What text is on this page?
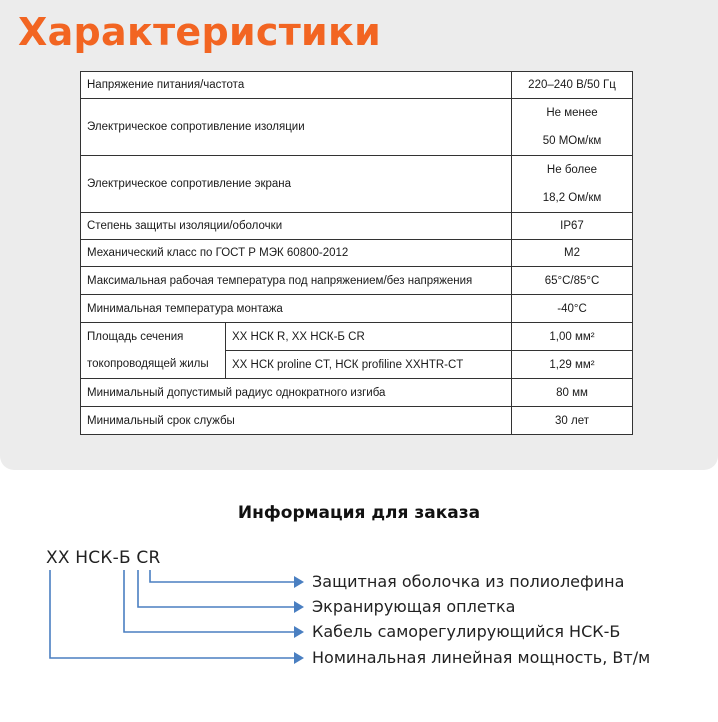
Характеристики
Напряжение питания/частота		220–240 В/50 Гц
Электрическое сопротивление изоляции		Не менее
50 МОм/км

Электрическое сопротивление экрана		Не более
18,2 Ом/км

Степень защиты изоляции/оболочки		IP67
Механический класс по ГОСТ Р МЭК 60800-2012		М2
Максимальная рабочая температура под напряжением/без напряжения		65°C/85°C
Минимальная температура монтажа		-40°C
Площадь сечения	ХХ НСК R, ХХ НСК-Б CR	1,00 мм²
токопроводящей жилы	ХХ НСК proline CT, НСК profiline XXHTR-CT	1,29 мм²
Минимальный допустимый радиус однократного изгиба		80 мм
Минимальный срок службы		30 лет
Информация для заказа
XX НСК-Б CR
Защитная оболочка из полиолефина
Экранирующая оплетка
Кабель саморегулирующийся НСК-Б
Номинальная линейная мощность, Вт/м
